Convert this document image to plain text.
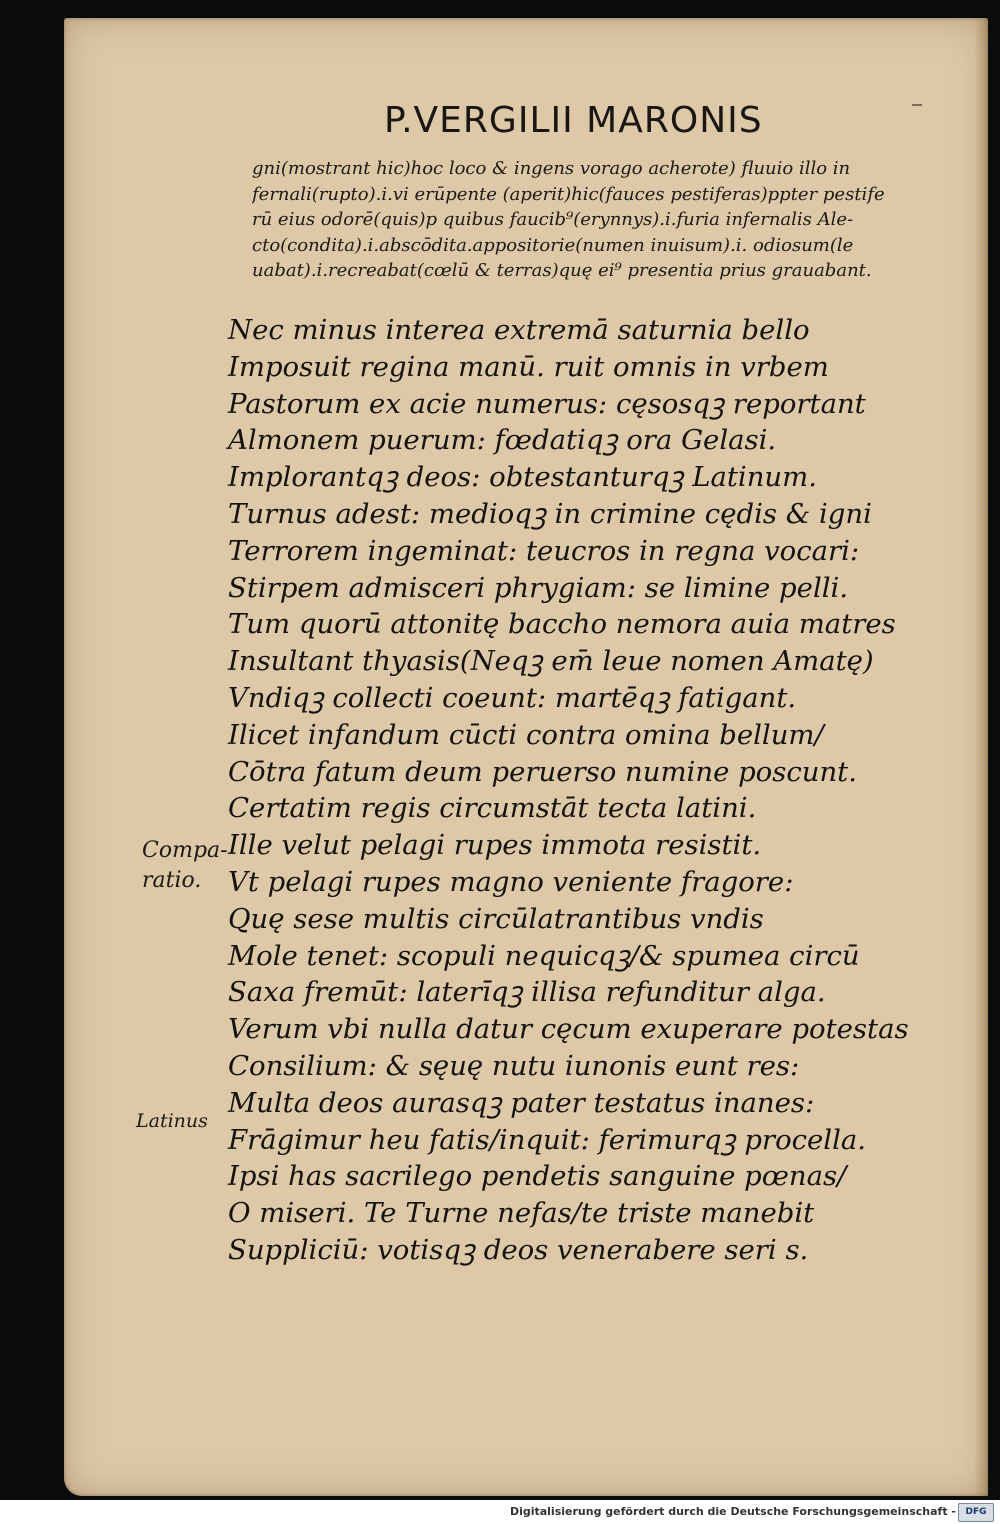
P.VERGILII MARONIS
gni(mostrant hic)hoc loco & ingens vorago acherote) fluuio illo in
fernali(rupto).i.vi erūpente (aperit)hic(fauces pestiferas)ppter pestife
rū eius odorē(quis)p quibus faucib⁹(erynnys).i.furia infernalis Ale-
cto(condita).i.abscōdita.appositorie(numen inuisum).i. odiosum(le
uabat).i.recreabat(cœlū & terras)quę ei⁹ presentia prius grauabant.
Nec minus interea extremā saturnia bello
Imposuit regina manū. ruit omnis in vrbem
Pastorum ex acie numerus: cęsosqꝫ reportant
Almonem puerum: fœdatiqꝫ ora Gelasi.
Implorantqꝫ deos: obtestanturqꝫ Latinum.
Turnus adest: medioqꝫ in crimine cędis & igni
Terrorem ingeminat: teucros in regna vocari:
Stirpem admisceri phrygiam: se limine pelli.
Tum quorū attonitę baccho nemora auia matres
Insultant thyasis(Neqꝫ em̄ leue nomen Amatę)
Vndiqꝫ collecti coeunt: martēqꝫ fatigant.
Ilicet infandum cūcti contra omina bellum/
Cōtra fatum deum peruerso numine poscunt.
Certatim regis circumstāt tecta latini.
Ille velut pelagi rupes immota resistit.
Vt pelagi rupes magno veniente fragore:
Quę sese multis circūlatrantibus vndis
Mole tenet: scopuli nequicqꝫ/& spumea circū
Saxa fremūt: laterīqꝫ illisa refunditur alga.
Verum vbi nulla datur cęcum exuperare potestas
Consilium: & sęuę nutu iunonis eunt res:
Multa deos aurasqꝫ pater testatus inanes:
Frāgimur heu fatis/inquit: ferimurqꝫ procella.
Ipsi has sacrilego pendetis sanguine pœnas/
O miseri. Te Turne nefas/te triste manebit
Suppliciū: votisqꝫ deos venerabere seri s.
Compa-
ratio.
Latinus
Digitalisierung gefördert durch die Deutsche Forschungsgemeinschaft -	DFG
